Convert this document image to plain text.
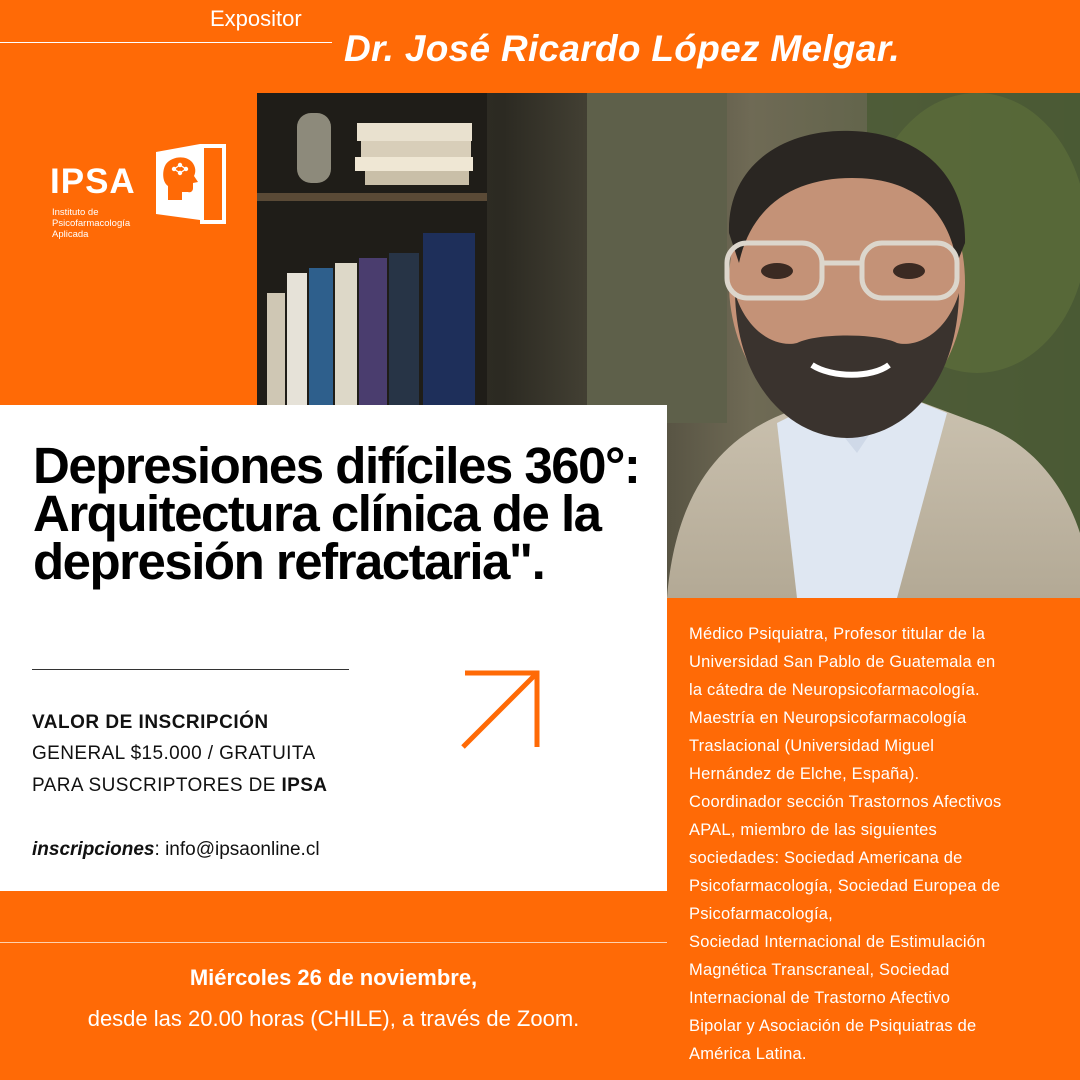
Expositor
Dr. José Ricardo López Melgar.
IPSA
Instituto de
Psicofarmacología
Aplicada
Depresiones difíciles 360°: Arquitectura clínica de la depresión refractaria".
VALOR DE INSCRIPCIÓN
GENERAL $15.000 / GRATUITA
PARA SUSCRIPTORES DE IPSA
inscripciones: info@ipsaonline.cl
Miércoles 26 de noviembre,
desde las 20.00 horas (CHILE), a través de Zoom.
Médico Psiquiatra, Profesor titular de la
Universidad San Pablo de Guatemala en
la cátedra de Neuropsicofarmacología.
Maestría en Neuropsicofarmacología
Traslacional (Universidad Miguel
Hernández de Elche, España).
Coordinador sección Trastornos Afectivos
APAL, miembro de las siguientes
sociedades: Sociedad Americana de
Psicofarmacología, Sociedad Europea de
Psicofarmacología,
Sociedad Internacional de Estimulación
Magnética Transcraneal, Sociedad
Internacional de Trastorno Afectivo
Bipolar y Asociación de Psiquiatras de
América Latina.
